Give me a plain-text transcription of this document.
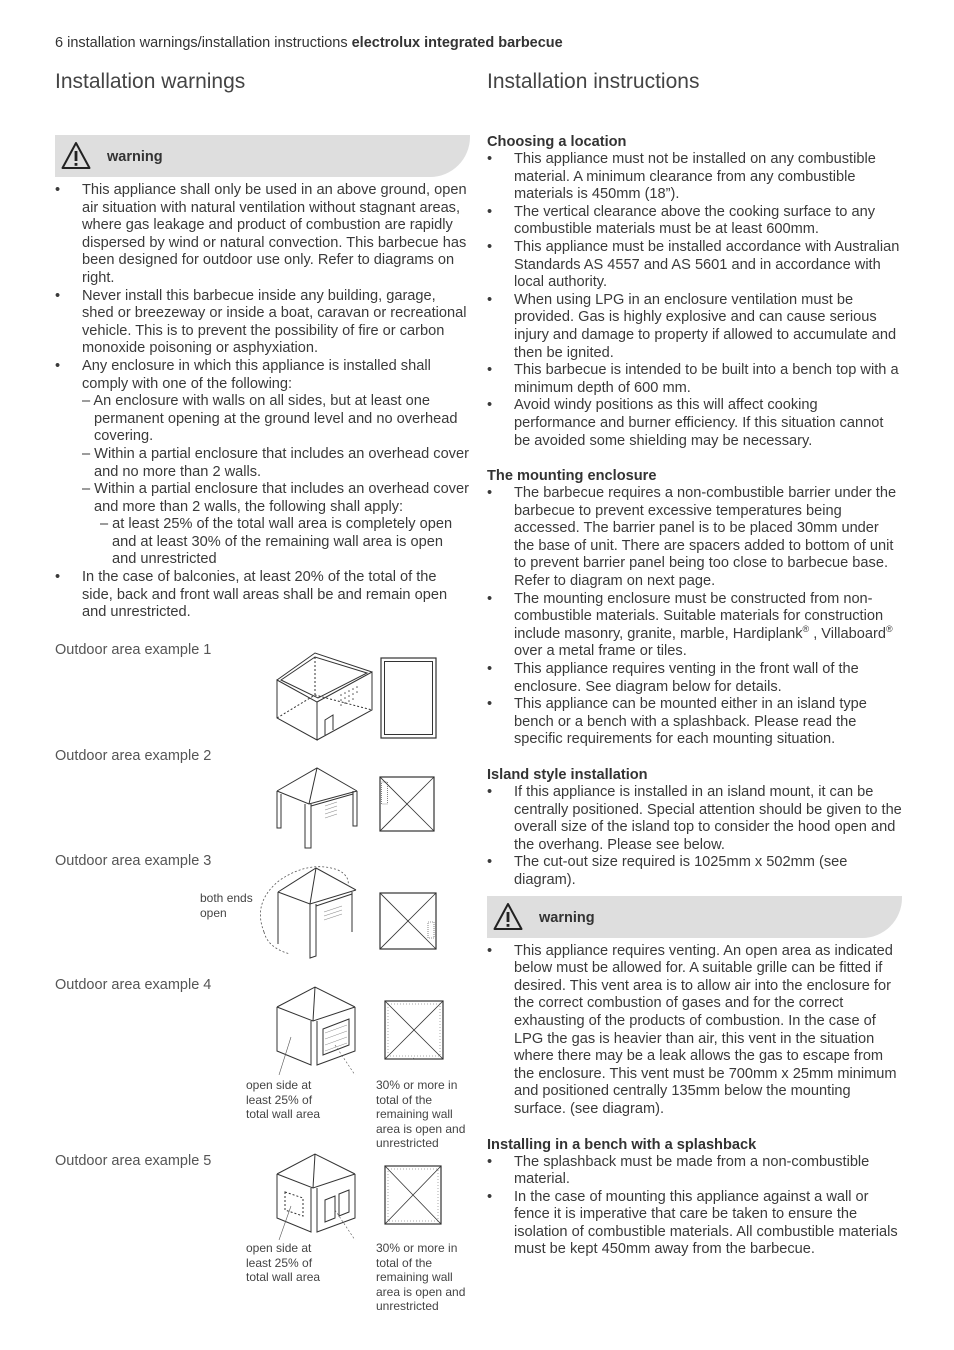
6 installation warnings/installation instructions electrolux integrated barbecue
Installation warnings	Installation instructions
warning
• This appliance shall only be used in an above ground, open air situation with natural ventilation without stagnant areas, where gas leakage and product of combustion are rapidly dispersed by wind or natural convection. This barbecue has been designed for outdoor use only. Refer to diagrams on right.
• Never install this barbecue inside any building, garage, shed or breezeway or inside a boat, caravan or recreational vehicle. This is to prevent the possibility of fire or carbon monoxide poisoning or asphyxiation.
• Any enclosure in which this appliance is installed shall comply with one of the following:
– An enclosure with walls on all sides, but at least one permanent opening at the ground level and no overhead covering.
– Within a partial enclosure that includes an overhead cover and no more than 2 walls.
– Within a partial enclosure that includes an overhead cover and more than 2 walls, the following shall apply:
– at least 25% of the total wall area is completely open and at least 30% of the remaining wall area is open and unrestricted
• In the case of balconies, at least 20% of the total of the side, back and front wall areas shall be and remain open and unrestricted.
Outdoor area example 1
Outdoor area example 2
Outdoor area example 3
Outdoor area example 4
Outdoor area example 5
both ends open
open side at least 25% of total wall area
30% or more in total of the remaining wall area is open and unrestricted
open side at least 25% of total wall area
30% or more in total of the remaining wall area is open and unrestricted
Choosing a location
• This appliance must not be installed on any combustible material. A minimum clearance from any combustible materials is 450mm (18”).
• The vertical clearance above the cooking surface to any combustible materials must be at least 600mm.
• This appliance must be installed accordance with Australian Standards AS 4557 and AS 5601 and in accordance with local authority.
• When using LPG in an enclosure ventilation must be provided. Gas is highly explosive and can cause serious injury and damage to property if allowed to accumulate and then be ignited.
• This barbecue is intended to be built into a bench top with a minimum depth of 600 mm.
• Avoid windy positions as this will affect cooking performance and burner efficiency. If this situation cannot be avoided some shielding may be necessary.
The mounting enclosure
• The barbecue requires a non-combustible barrier under the barbecue to prevent excessive temperatures being accessed. The barrier panel is to be placed 30mm under the base of unit. There are spacers added to bottom of unit to prevent barrier panel being too close to barbecue base. Refer to diagram on next page.
• The mounting enclosure must be constructed from non-combustible materials. Suitable materials for construction include masonry, granite, marble, Hardiplank® , Villaboard® over a metal frame or tiles.
• This appliance requires venting in the front wall of the enclosure. See diagram below for details.
• This appliance can be mounted either in an island type bench or a bench with a splashback. Please read the specific requirements for each mounting situation.
Island style installation
• If this appliance is installed in an island mount, it can be centrally positioned. Special attention should be given to the overall size of the island top to consider the hood open and the overhang. Please see below.
• The cut-out size required is 1025mm x 502mm (see diagram).
warning
• This appliance requires venting. An open area as indicated below must be allowed for. A suitable grille can be fitted if desired. This vent area is to allow air into the enclosure for the correct combustion of gases and for the correct exhausting of the products of combustion. In the case of LPG the gas is heavier than air, this vent in the situation where there may be a leak allows the gas to escape from the enclosure. This vent must be 700mm x 25mm minimum and positioned centrally 135mm below the mounting surface. (see diagram).
Installing in a bench with a splashback
• The splashback must be made from a non-combustible material.
• In the case of mounting this appliance against a wall or fence it is imperative that care be taken to ensure the isolation of combustible materials. All combustible materials must be kept 450mm away from the barbecue.
